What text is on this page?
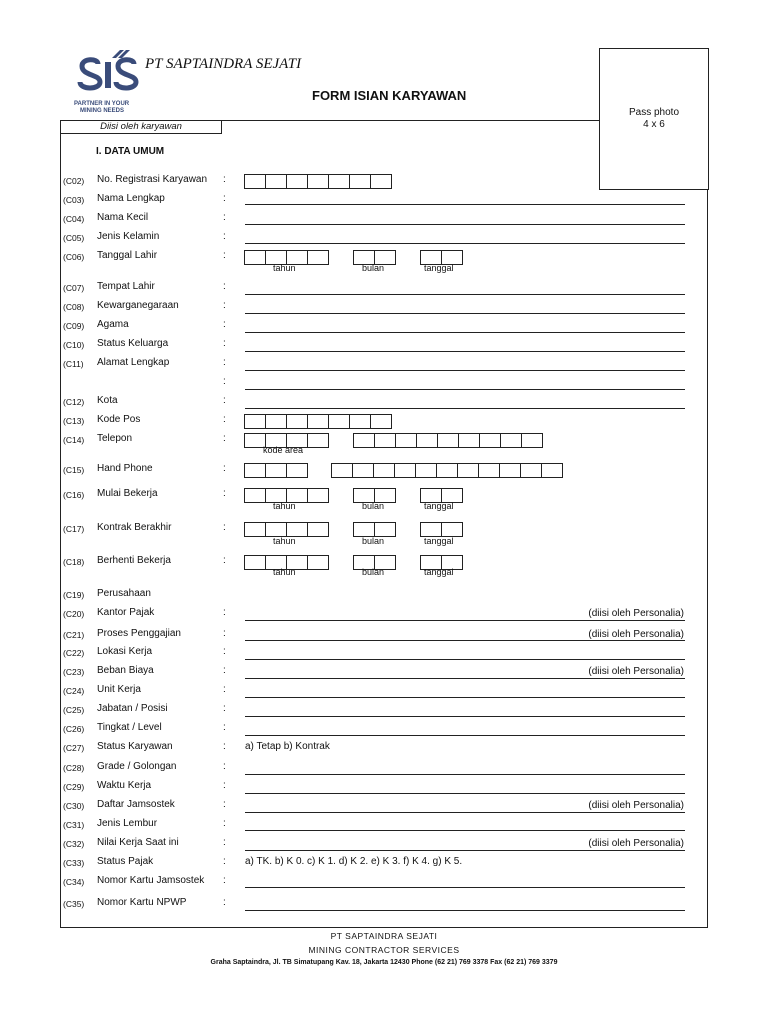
PARTNER IN YOUR
MINING NEEDS
PT SAPTAINDRA SEJATI
FORM ISIAN KARYAWAN
Diisi oleh karyawan
Pass photo
4 x 6
I. DATA UMUM
(C02) No. Registrasi Karyawan :
(C03) Nama Lengkap	:
(C04) Nama Kecil	:
(C05) Jenis Kelamin	:
(C06) Tanggal Lahir	:
tahun	bulan	tanggal
(C07) Tempat Lahir	:
(C08) Kewarganegaraan	:
(C09) Agama	:
(C10) Status Keluarga	:
(C11) Alamat Lengkap	:
:
(C12) Kota	:
(C13) Kode Pos	:
(C14) Telepon	:
kode area
(C15) Hand Phone	:
(C16) Mulai Bekerja	:
tahun	bulan	tanggal
(C17) Kontrak Berakhir	:
tahun	bulan	tanggal
(C18) Berhenti Bekerja	:
tahun	bulan	tanggal
(C19) Perusahaan
(C20) Kantor Pajak	:	(diisi oleh Personalia)
(C21) Proses Penggajian	:	(diisi oleh Personalia)
(C22) Lokasi Kerja	:
(C23) Beban Biaya	:	(diisi oleh Personalia)
(C24) Unit Kerja	:
(C25) Jabatan / Posisi	:
(C26) Tingkat / Level	:
(C27) Status Karyawan	: a) Tetap b) Kontrak
(C28) Grade / Golongan	:
(C29) Waktu Kerja	:
(C30) Daftar Jamsostek	:	(diisi oleh Personalia)
(C31) Jenis Lembur	:
(C32) Nilai Kerja Saat ini	:	(diisi oleh Personalia)
(C33) Status Pajak	: a) TK. b) K 0. c) K 1. d) K 2. e) K 3. f) K 4. g) K 5.
(C34) Nomor Kartu Jamsostek :
(C35) Nomor Kartu NPWP	:
PT SAPTAINDRA SEJATI
MINING CONTRACTOR SERVICES
Graha Saptaindra, Jl. TB Simatupang Kav. 18, Jakarta 12430 Phone (62 21) 769 3378 Fax (62 21) 769 3379
